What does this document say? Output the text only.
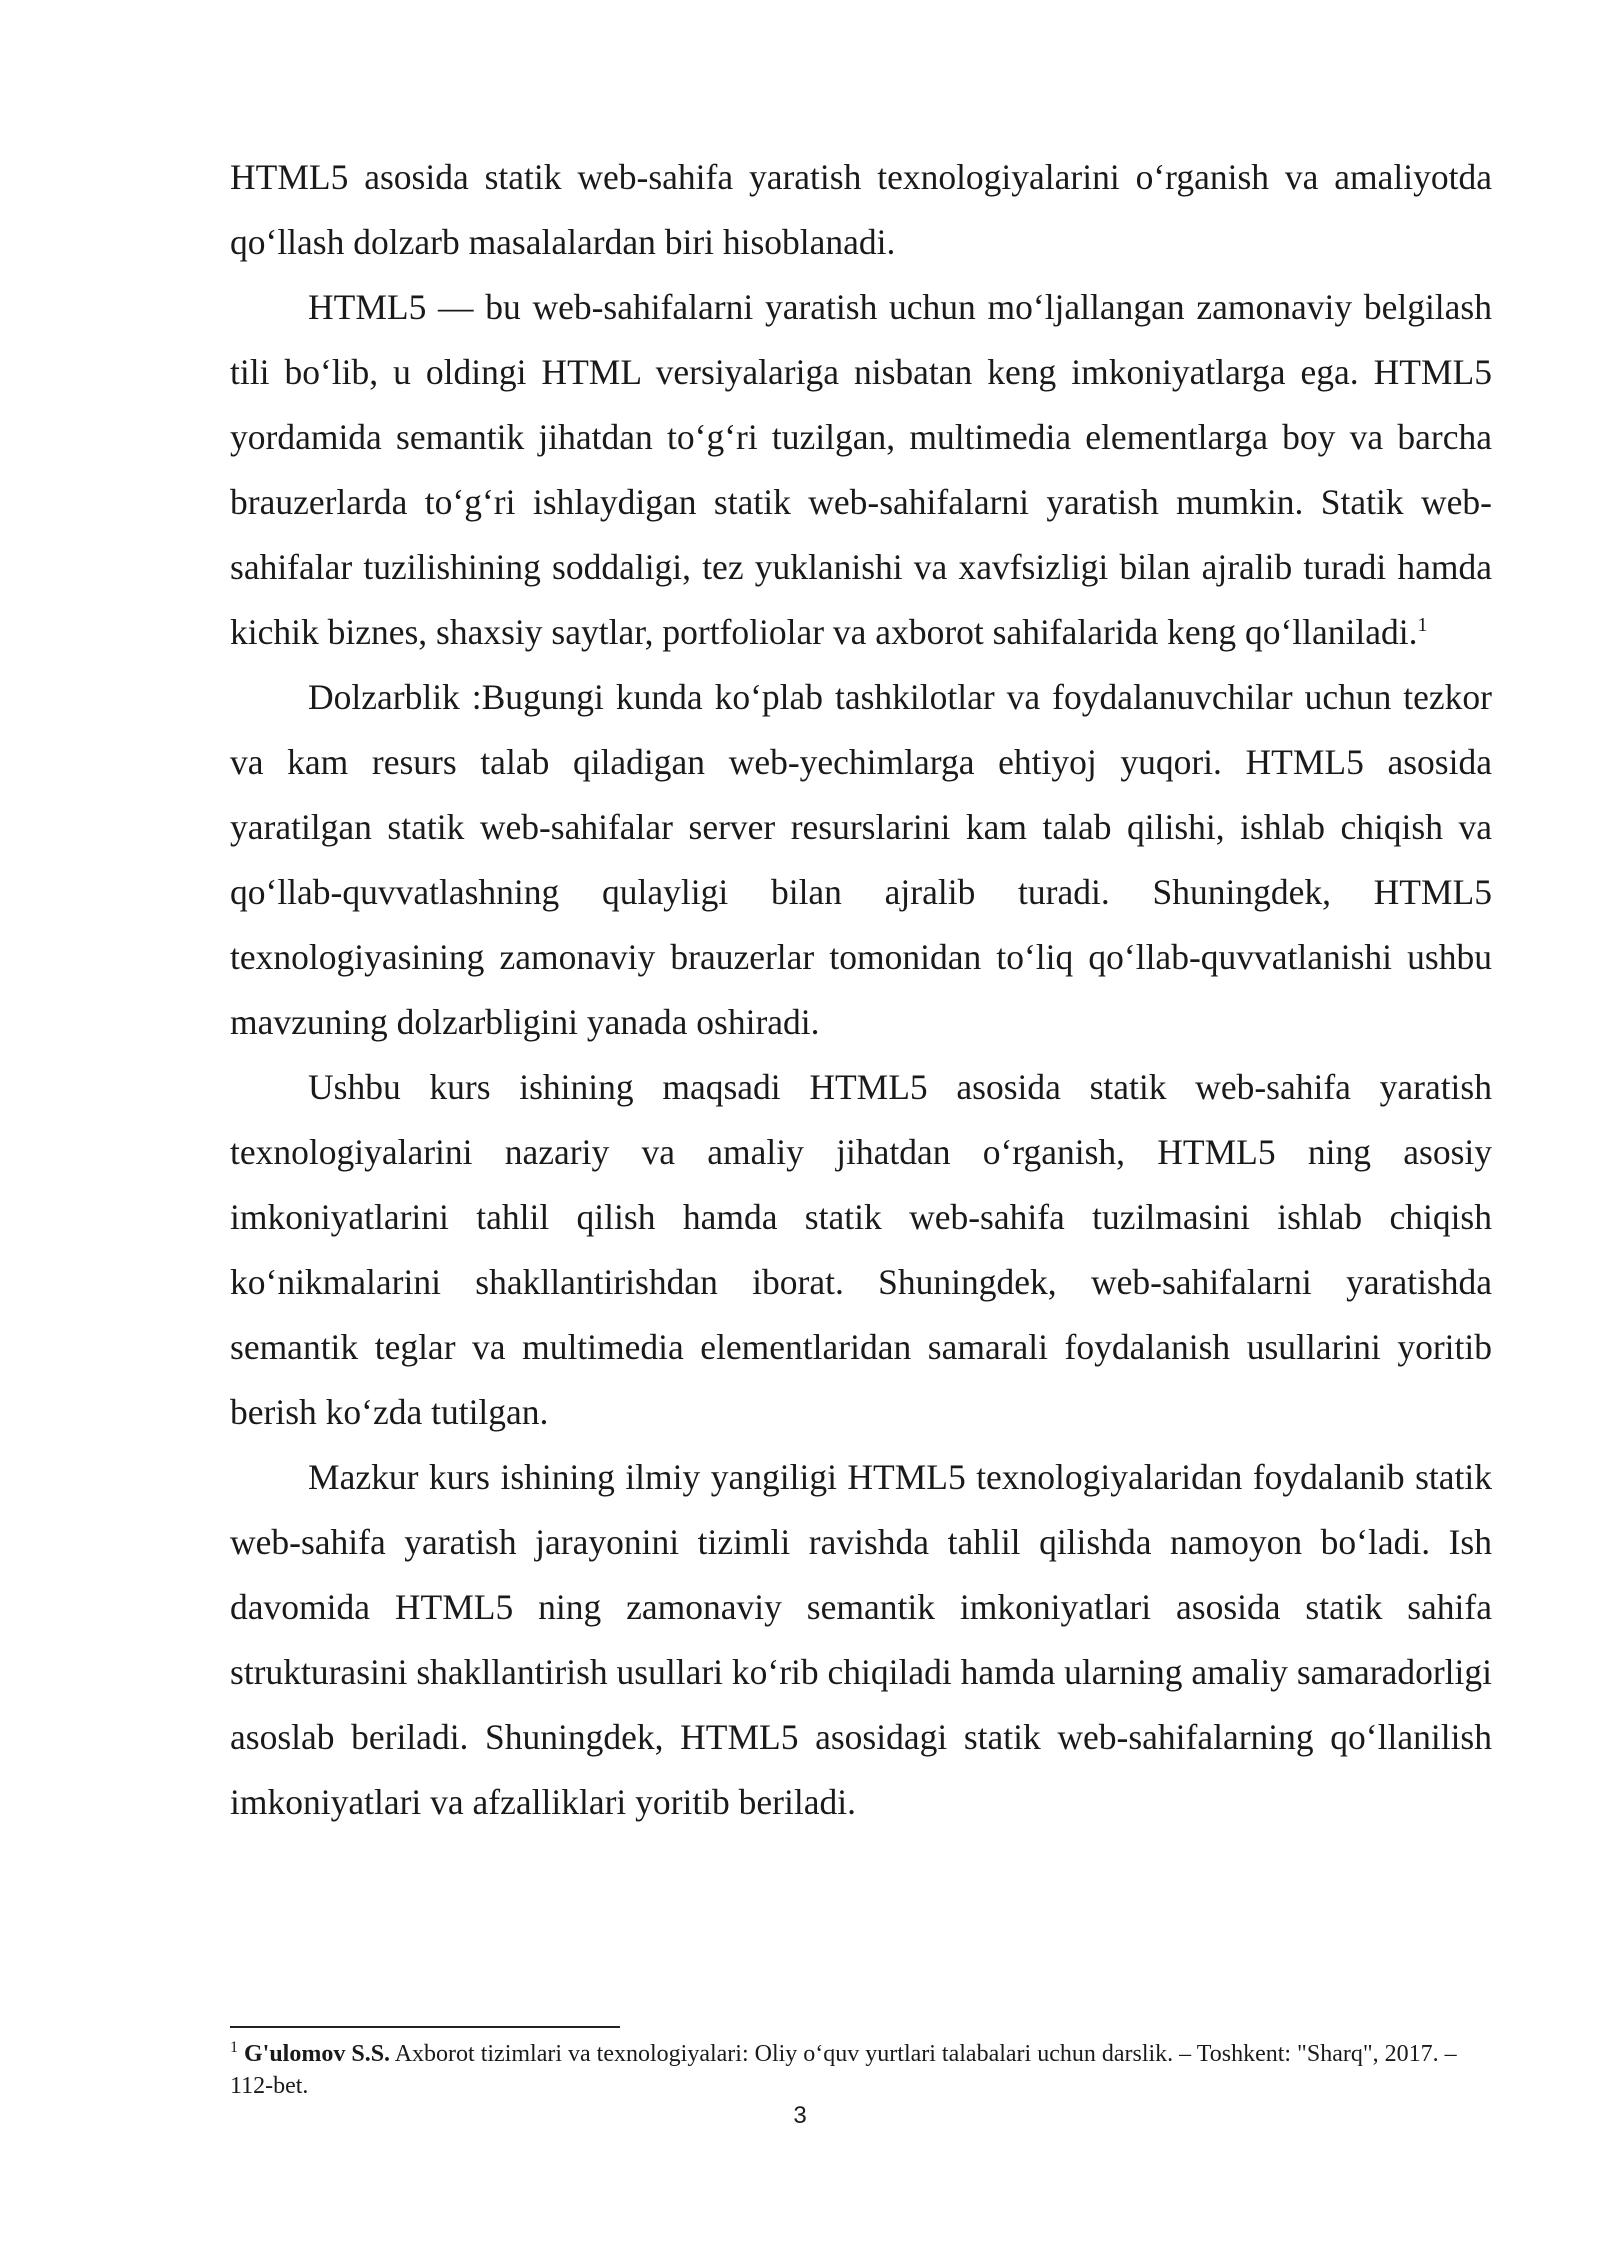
HTML5 asosida statik web-sahifa yaratish texnologiyalarini o‘rganish va amaliyotda qo‘llash dolzarb masalalardan biri hisoblanadi.

HTML5 — bu web-sahifalarni yaratish uchun mo‘ljallangan zamonaviy belgilash tili bo‘lib, u oldingi HTML versiyalariga nisbatan keng imkoniyatlarga ega. HTML5 yordamida semantik jihatdan to‘g‘ri tuzilgan, multimedia elementlarga boy va barcha brauzerlarda to‘g‘ri ishlaydigan statik web-sahifalarni yaratish mumkin. Statik web-sahifalar tuzilishining soddaligi, tez yuklanishi va xavfsizligi bilan ajralib turadi hamda kichik biznes, shaxsiy saytlar, portfoliolar va axborot sahifalarida keng qo‘llaniladi.$^1$

Dolzarblik :Bugungi kunda ko‘plab tashkilotlar va foydalanuvchilar uchun tezkor va kam resurs talab qiladigan web-yechimlarga ehtiyoj yuqori. HTML5 asosida yaratilgan statik web-sahifalar server resurslarini kam talab qilishi, ishlab chiqish va qo‘llab-quvvatlashning qulayligi bilan ajralib turadi. Shuningdek, HTML5 texnologiyasining zamonaviy brauzerlar tomonidan to‘liq qo‘llab-quvvatlanishi ushbu mavzuning dolzarbligini yanada oshiradi.

Ushbu kurs ishining maqsadi HTML5 asosida statik web-sahifa yaratish texnologiyalarini nazariy va amaliy jihatdan o‘rganish, HTML5 ning asosiy imkoniyatlarini tahlil qilish hamda statik web-sahifa tuzilmasini ishlab chiqish ko‘nikmalarini shakllantirishdan iborat. Shuningdek, web-sahifalarni yaratishda semantik teglar va multimedia elementlaridan samarali foydalanish usullarini yoritib berish ko‘zda tutilgan.

Mazkur kurs ishining ilmiy yangiligi HTML5 texnologiyalaridan foydalanib statik web-sahifa yaratish jarayonini tizimli ravishda tahlil qilishda namoyon bo‘ladi. Ish davomida HTML5 ning zamonaviy semantik imkoniyatlari asosida statik sahifa strukturasini shakllantirish usullari ko‘rib chiqiladi hamda ularning amaliy samaradorligi asoslab beriladi. Shuningdek, HTML5 asosidagi statik web-sahifalarning qo‘llanilish imkoniyatlari va afzalliklari yoritib beriladi.

$^1$ G'ulomov S.S. Axborot tizimlari va texnologiyalari: Oliy o‘quv yurtlari talabalari uchun darslik. – Toshkent: "Sharq", 2017. – 112-bet.
3
